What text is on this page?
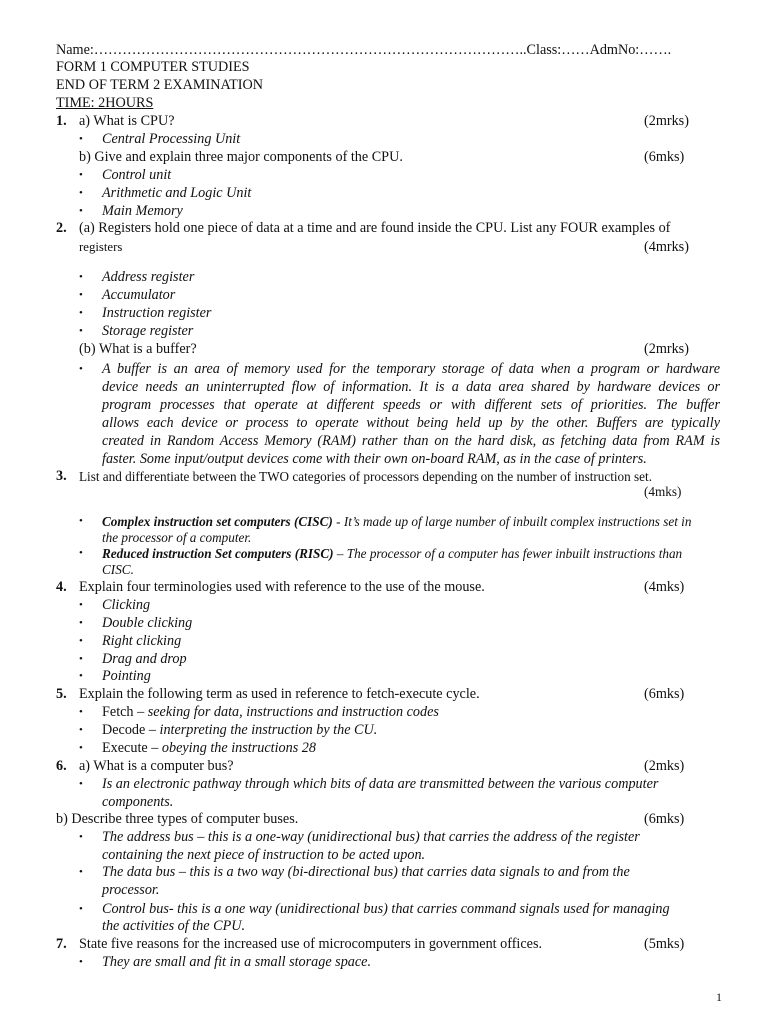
Name:………………………………………………………………………………..Class:……AdmNo:…….
FORM 1 COMPUTER STUDIES
END OF TERM 2 EXAMINATION
TIME: 2HOURS
1. a) What is CPU?	(2mrks)
• Central Processing Unit
b) Give and explain three major components of the CPU.	(6mks)
• Control unit
• Arithmetic and Logic Unit
• Main Memory
2. (a) Registers hold one piece of data at a time and are found inside the CPU. List any FOUR examples of
registers	(4mrks)
• Address register
• Accumulator
• Instruction register
• Storage register
(b) What is a buffer?	(2mrks)
• A buffer is an area of memory used for the temporary storage of data when a program or hardware
device needs an uninterrupted flow of information. It is a data area shared by hardware devices or
program processes that operate at different speeds or with different sets of priorities. The buffer
allows each device or process to operate without being held up by the other. Buffers are typically
created in Random Access Memory (RAM) rather than on the hard disk, as fetching data from RAM is
faster. Some input/output devices come with their own on-board RAM, as in the case of printers.
3. List and differentiate between the TWO categories of processors depending on the number of instruction set.
(4mks)
• Complex instruction set computers (CISC) - It’s made up of large number of inbuilt complex instructions set in
the processor of a computer.
• Reduced instruction Set computers (RISC) – The processor of a computer has fewer inbuilt instructions than
CISC.
4. Explain four terminologies used with reference to the use of the mouse.	(4mks)
• Clicking
• Double clicking
• Right clicking
• Drag and drop
• Pointing
5. Explain the following term as used in reference to fetch-execute cycle.	(6mks)
• Fetch – seeking for data, instructions and instruction codes
• Decode – interpreting the instruction by the CU.
• Execute – obeying the instructions 28
6. a) What is a computer bus?	(2mks)
• Is an electronic pathway through which bits of data are transmitted between the various computer
components.
b) Describe three types of computer buses.	(6mks)
• The address bus – this is a one-way (unidirectional bus) that carries the address of the register
containing the next piece of instruction to be acted upon.
• The data bus – this is a two way (bi-directional bus) that carries data signals to and from the
processor.
• Control bus- this is a one way (unidirectional bus) that carries command signals used for managing
the activities of the CPU.
7. State five reasons for the increased use of microcomputers in government offices.	(5mks)
• They are small and fit in a small storage space.
1
